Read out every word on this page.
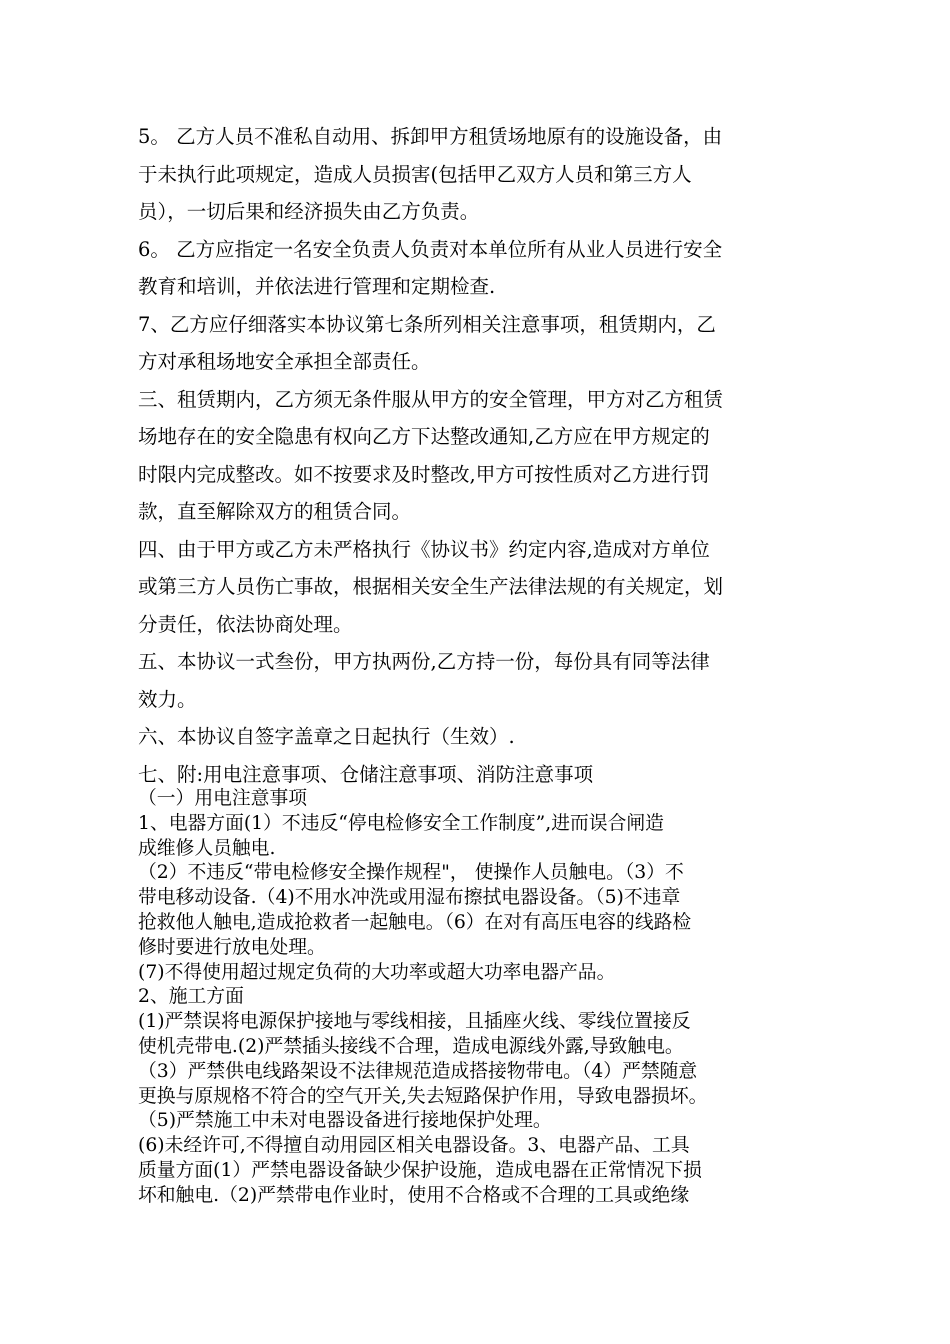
5。 乙方人员不准私自动用、拆卸甲方租赁场地原有的设施设备，由
于未执行此项规定，造成人员损害(包括甲乙双方人员和第三方人
员），一切后果和经济损失由乙方负责。
6。 乙方应指定一名安全负责人负责对本单位所有从业人员进行安全
教育和培训，并依法进行管理和定期检查.
7、乙方应仔细落实本协议第七条所列相关注意事项，租赁期内，乙
方对承租场地安全承担全部责任。
三、租赁期内，乙方须无条件服从甲方的安全管理，甲方对乙方租赁
场地存在的安全隐患有权向乙方下达整改通知,乙方应在甲方规定的
时限内完成整改。如不按要求及时整改,甲方可按性质对乙方进行罚
款，直至解除双方的租赁合同。
四、由于甲方或乙方未严格执行《协议书》约定内容,造成对方单位
或第三方人员伤亡事故，根据相关安全生产法律法规的有关规定，划
分责任，依法协商处理。
五、本协议一式叁份，甲方执两份,乙方持一份，每份具有同等法律
效力。
六、本协议自签字盖章之日起执行（生效）.
七、附:用电注意事项、仓储注意事项、消防注意事项
（一）用电注意事项
1、电器方面(1）不违反“停电检修安全工作制度”,进而误合闸造
成维修人员触电.
（2）不违反“带电检修安全操作规程"， 使操作人员触电。（3）不
带电移动设备.（4)不用水冲洗或用湿布擦拭电器设备。（5)不违章
抢救他人触电,造成抢救者一起触电。（6）在对有高压电容的线路检
修时要进行放电处理。
(7)不得使用超过规定负荷的大功率或超大功率电器产品。
2、施工方面
(1)严禁误将电源保护接地与零线相接，且插座火线、零线位置接反
使机壳带电.(2)严禁插头接线不合理，造成电源线外露,导致触电。
（3）严禁供电线路架设不法律规范造成搭接物带电。（4）严禁随意
更换与原规格不符合的空气开关,失去短路保护作用，导致电器损坏。
（5)严禁施工中未对电器设备进行接地保护处理。
(6)未经许可,不得擅自动用园区相关电器设备。3、电器产品、工具
质量方面(1）严禁电器设备缺少保护设施，造成电器在正常情况下损
坏和触电.（2)严禁带电作业时，使用不合格或不合理的工具或绝缘
